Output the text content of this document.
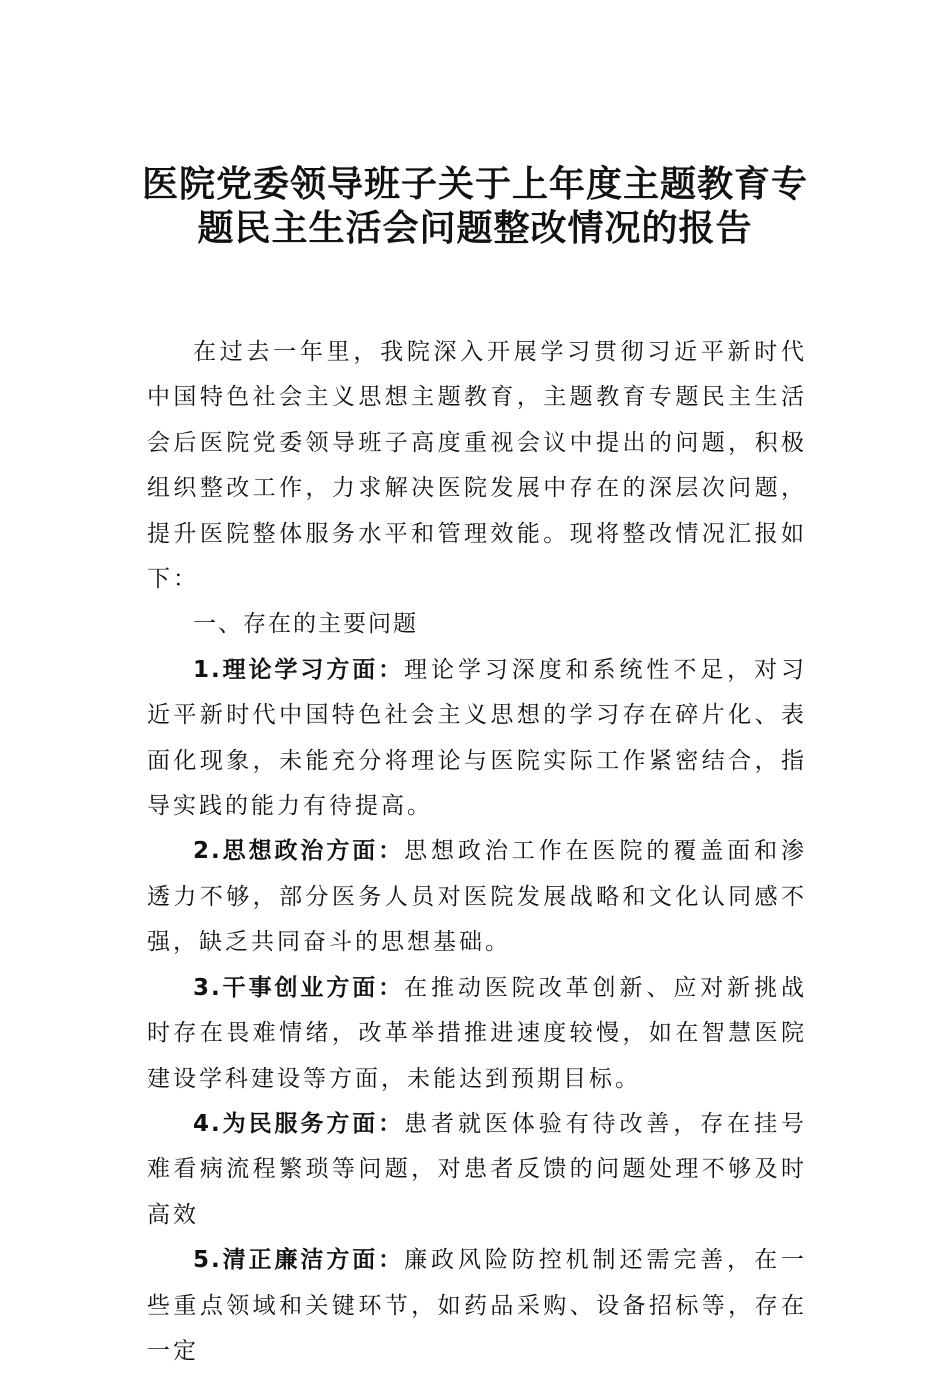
医院党委领导班子关于上年度主题教育专
题民主生活会问题整改情况的报告

在过去一年里，我院深入开展学习贯彻习近平新时代中国特色社会主义思想主题教育，主题教育专题民主生活会后医院党委领导班子高度重视会议中提出的问题，积极组织整改工作，力求解决医院发展中存在的深层次问题，提升医院整体服务水平和管理效能。现将整改情况汇报如下：

一、存在的主要问题

1.理论学习方面：理论学习深度和系统性不足，对习近平新时代中国特色社会主义思想的学习存在碎片化、表面化现象，未能充分将理论与医院实际工作紧密结合，指导实践的能力有待提高。

2.思想政治方面：思想政治工作在医院的覆盖面和渗透力不够，部分医务人员对医院发展战略和文化认同感不强，缺乏共同奋斗的思想基础。

3.干事创业方面：在推动医院改革创新、应对新挑战时存在畏难情绪，改革举措推进速度较慢，如在智慧医院建设学科建设等方面，未能达到预期目标。

4.为民服务方面：患者就医体验有待改善，存在挂号难看病流程繁琐等问题，对患者反馈的问题处理不够及时高效

5.清正廉洁方面：廉政风险防控机制还需完善，在一些重点领域和关键环节，如药品采购、设备招标等，存在一定
